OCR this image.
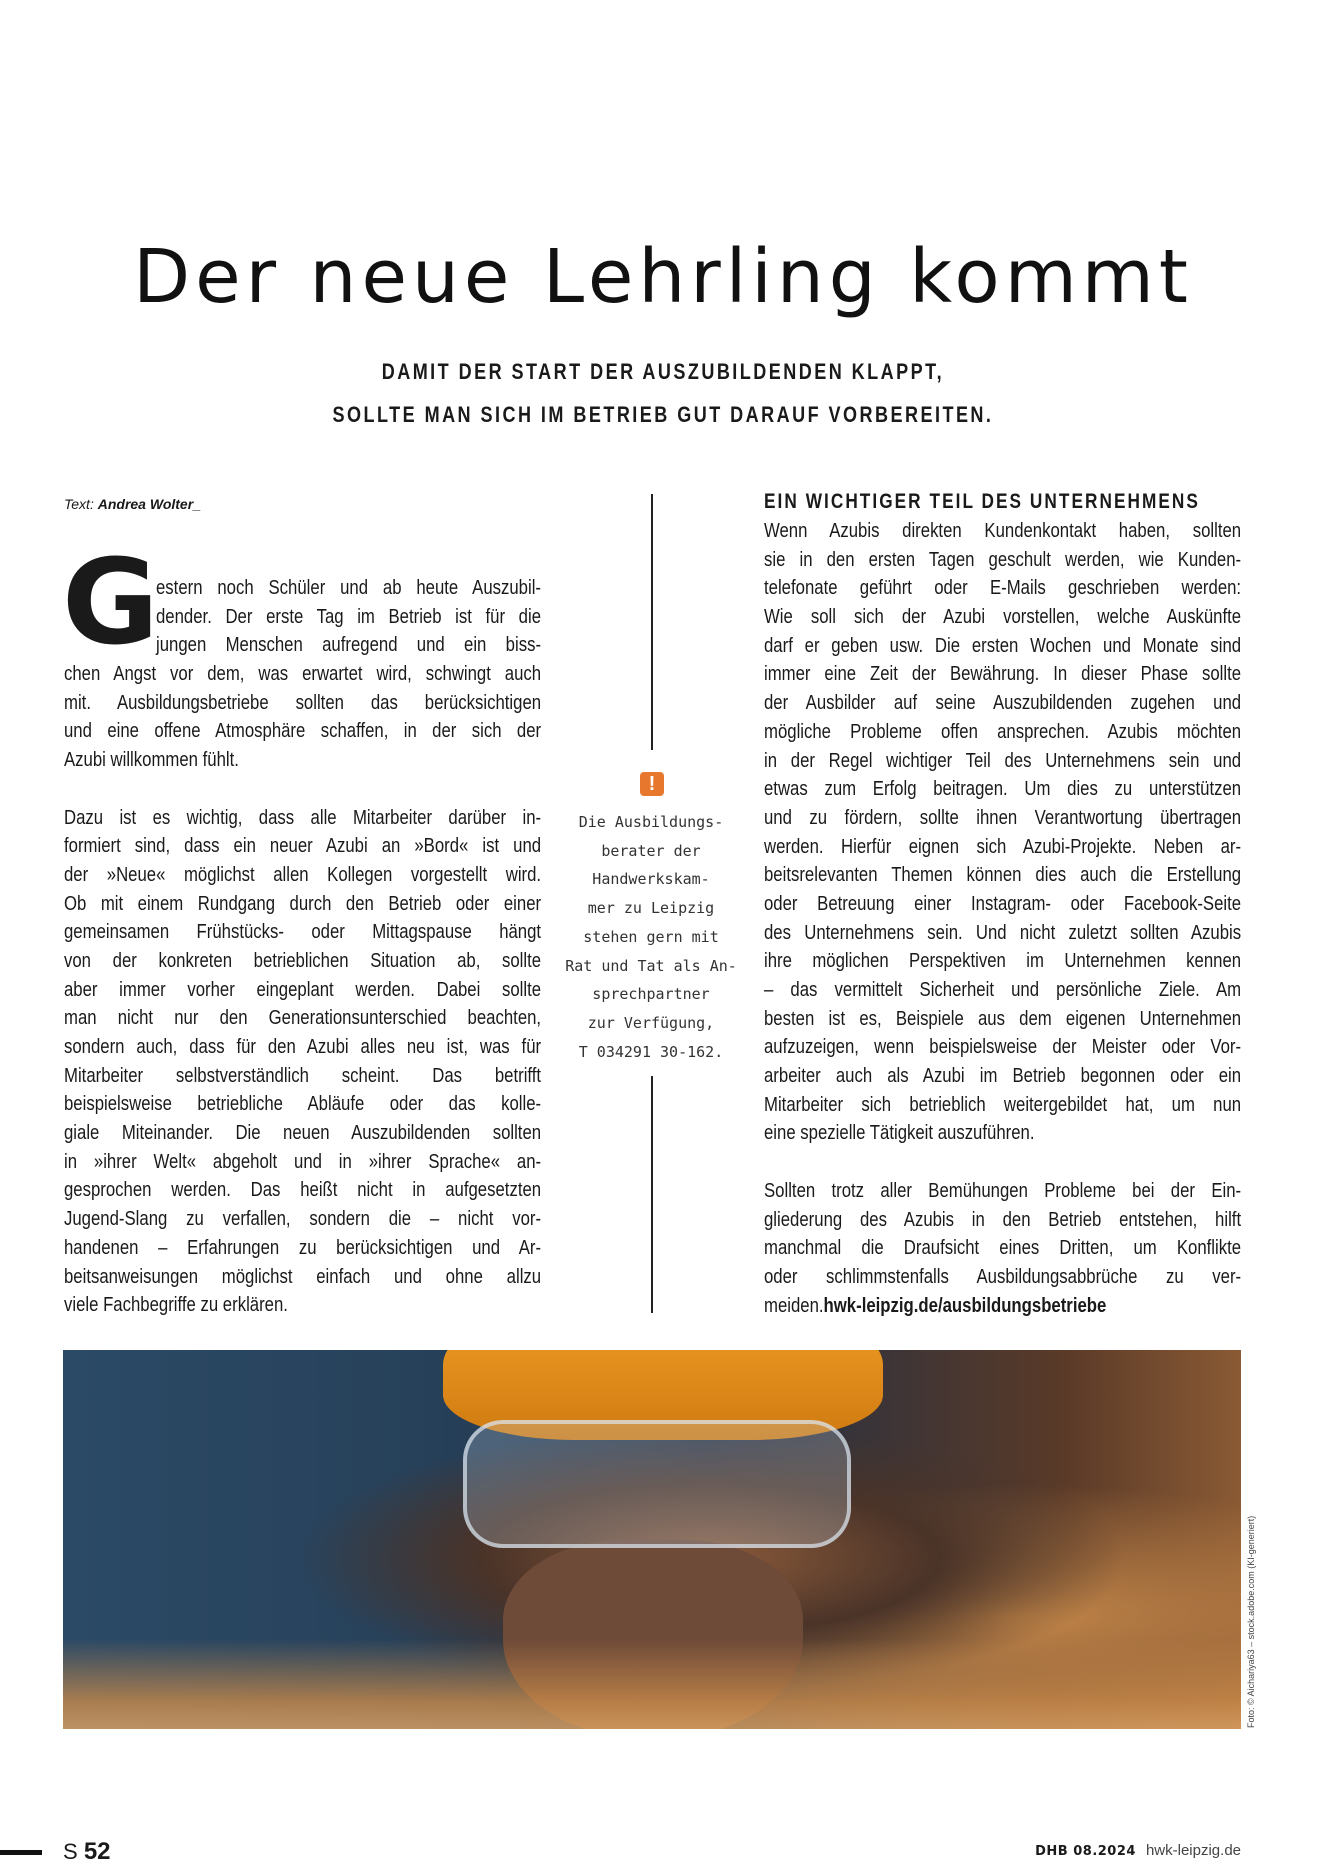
Der neue Lehrling kommt
DAMIT DER START DER AUSZUBILDENDEN KLAPPT,
SOLLTE MAN SICH IM BETRIEB GUT DARAUF VORBEREITEN.
Text: Andrea Wolter_
G
estern noch Schüler und ab heute Auszubil-
dender. Der erste Tag im Betrieb ist für die
jungen Menschen aufregend und ein biss-
chen Angst vor dem, was erwartet wird, schwingt auch
mit. Ausbildungsbetriebe sollten das berücksichtigen
und eine offene Atmosphäre schaffen, in der sich der
Azubi willkommen fühlt.
Dazu ist es wichtig, dass alle Mitarbeiter darüber in-
formiert sind, dass ein neuer Azubi an »Bord« ist und
der »Neue« möglichst allen Kollegen vorgestellt wird.
Ob mit einem Rundgang durch den Betrieb oder einer
gemeinsamen Frühstücks- oder Mittagspause hängt
von der konkreten betrieblichen Situation ab, sollte
aber immer vorher eingeplant werden. Dabei sollte
man nicht nur den Generationsunterschied beachten,
sondern auch, dass für den Azubi alles neu ist, was für
Mitarbeiter selbstverständlich scheint. Das betrifft
beispielsweise betriebliche Abläufe oder das kolle-
giale Miteinander. Die neuen Auszubildenden sollten
in »ihrer Welt« abgeholt und in »ihrer Sprache« an-
gesprochen werden. Das heißt nicht in aufgesetzten
Jugend-Slang zu verfallen, sondern die – nicht vor-
handenen – Erfahrungen zu berücksichtigen und Ar-
beitsanweisungen möglichst einfach und ohne allzu
viele Fachbegriffe zu erklären.
!
Die Ausbildungs-
berater der
Handwerkskam-
mer zu Leipzig
stehen gern mit
Rat und Tat als An-
sprechpartner
zur Verfügung,
T 034291 30-162.
EIN WICHTIGER TEIL DES UNTERNEHMENS
Wenn Azubis direkten Kundenkontakt haben, sollten
sie in den ersten Tagen geschult werden, wie Kunden-
telefonate geführt oder E-Mails geschrieben werden:
Wie soll sich der Azubi vorstellen, welche Auskünfte
darf er geben usw. Die ersten Wochen und Monate sind
immer eine Zeit der Bewährung. In dieser Phase sollte
der Ausbilder auf seine Auszubildenden zugehen und
mögliche Probleme offen ansprechen. Azubis möchten
in der Regel wichtiger Teil des Unternehmens sein und
etwas zum Erfolg beitragen. Um dies zu unterstützen
und zu fördern, sollte ihnen Verantwortung übertragen
werden. Hierfür eignen sich Azubi-Projekte. Neben ar-
beitsrelevanten Themen können dies auch die Erstellung
oder Betreuung einer Instagram- oder Facebook-Seite
des Unternehmens sein. Und nicht zuletzt sollten Azubis
ihre möglichen Perspektiven im Unternehmen kennen
– das vermittelt Sicherheit und persönliche Ziele. Am
besten ist es, Beispiele aus dem eigenen Unternehmen
aufzuzeigen, wenn beispielsweise der Meister oder Vor-
arbeiter auch als Azubi im Betrieb begonnen oder ein
Mitarbeiter sich betrieblich weitergebildet hat, um nun
eine spezielle Tätigkeit auszuführen.
Sollten trotz aller Bemühungen Probleme bei der Ein-
gliederung des Azubis in den Betrieb entstehen, hilft
manchmal die Draufsicht eines Dritten, um Konflikte
oder schlimmstenfalls Ausbildungsabbrüche zu ver-
meiden.hwk-leipzig.de/ausbildungsbetriebe
Foto: © Aichariya63 – stock.adobe.com (KI-generiert)
S 52	DHB 08.2024 hwk-leipzig.de
